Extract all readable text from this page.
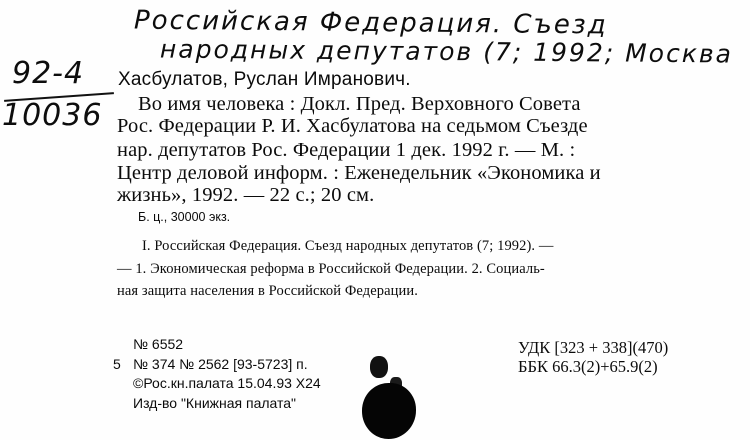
Российская Федерация. Съезд
народных депутатов (7; 1992; Москва
92-4
10036
Хасбулатов, Руслан Имранович.
Во имя человека : Докл. Пред. Верховного Совета
Рос. Федерации Р. И. Хасбулатова на седьмом Съезде
нар. депутатов Рос. Федерации 1 дек. 1992 г. — М. :
Центр деловой информ. : Еженедельник «Экономика и
жизнь», 1992. — 22 с.; 20 см.
Б. ц., 30000 экз.
I. Российская Федерация. Съезд народных депутатов (7; 1992). —
— 1. Экономическая реформа в Российской Федерации. 2. Социаль-
ная защита населения в Российской Федерации.
№ 6552
5 № 374 № 2562 [93-5723] п.
©Рос.кн.палата 15.04.93 Х24
Изд-во "Книжная палата"
УДК [323 + 338](470)
ББК 66.3(2)+65.9(2)
